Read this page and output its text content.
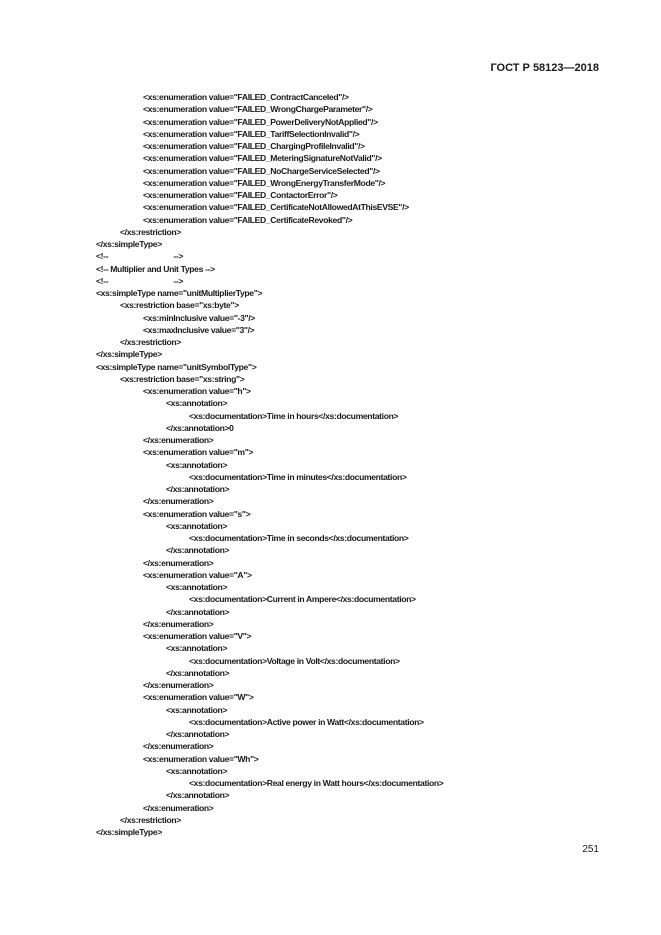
ГОСТ Р 58123—2018
<xs:enumeration value="FAILED_ContractCanceled"/>
<xs:enumeration value="FAILED_WrongChargeParameter"/>
<xs:enumeration value="FAILED_PowerDeliveryNotApplied"/>
<xs:enumeration value="FAILED_TariffSelectionInvalid"/>
<xs:enumeration value="FAILED_ChargingProfileInvalid"/>
<xs:enumeration value="FAILED_MeteringSignatureNotValid"/>
<xs:enumeration value="FAILED_NoChargeServiceSelected"/>
<xs:enumeration value="FAILED_WrongEnergyTransferMode"/>
<xs:enumeration value="FAILED_ContactorError"/>
<xs:enumeration value="FAILED_CertificateNotAllowedAtThisEVSE"/>
<xs:enumeration value="FAILED_CertificateRevoked"/>
</xs:restriction>
</xs:simpleType>
<!--                                -->
<!-- Multiplier and Unit Types -->
<!--                                -->
<xs:simpleType name="unitMultiplierType">
<xs:restriction base="xs:byte">
<xs:minInclusive value="-3"/>
<xs:maxInclusive value="3"/>
</xs:restriction>
</xs:simpleType>
<xs:simpleType name="unitSymbolType">
<xs:restriction base="xs:string">
<xs:enumeration value="h">
<xs:annotation>
<xs:documentation>Time in hours</xs:documentation>
</xs:annotation>0
</xs:enumeration>
<xs:enumeration value="m">
<xs:annotation>
<xs:documentation>Time in minutes</xs:documentation>
</xs:annotation>
</xs:enumeration>
<xs:enumeration value="s">
<xs:annotation>
<xs:documentation>Time in seconds</xs:documentation>
</xs:annotation>
</xs:enumeration>
<xs:enumeration value="A">
<xs:annotation>
<xs:documentation>Current in Ampere</xs:documentation>
</xs:annotation>
</xs:enumeration>
<xs:enumeration value="V">
<xs:annotation>
<xs:documentation>Voltage in Volt</xs:documentation>
</xs:annotation>
</xs:enumeration>
<xs:enumeration value="W">
<xs:annotation>
<xs:documentation>Active power in Watt</xs:documentation>
</xs:annotation>
</xs:enumeration>
<xs:enumeration value="Wh">
<xs:annotation>
<xs:documentation>Real energy in Watt hours</xs:documentation>
</xs:annotation>
</xs:enumeration>
</xs:restriction>
</xs:simpleType>
251
